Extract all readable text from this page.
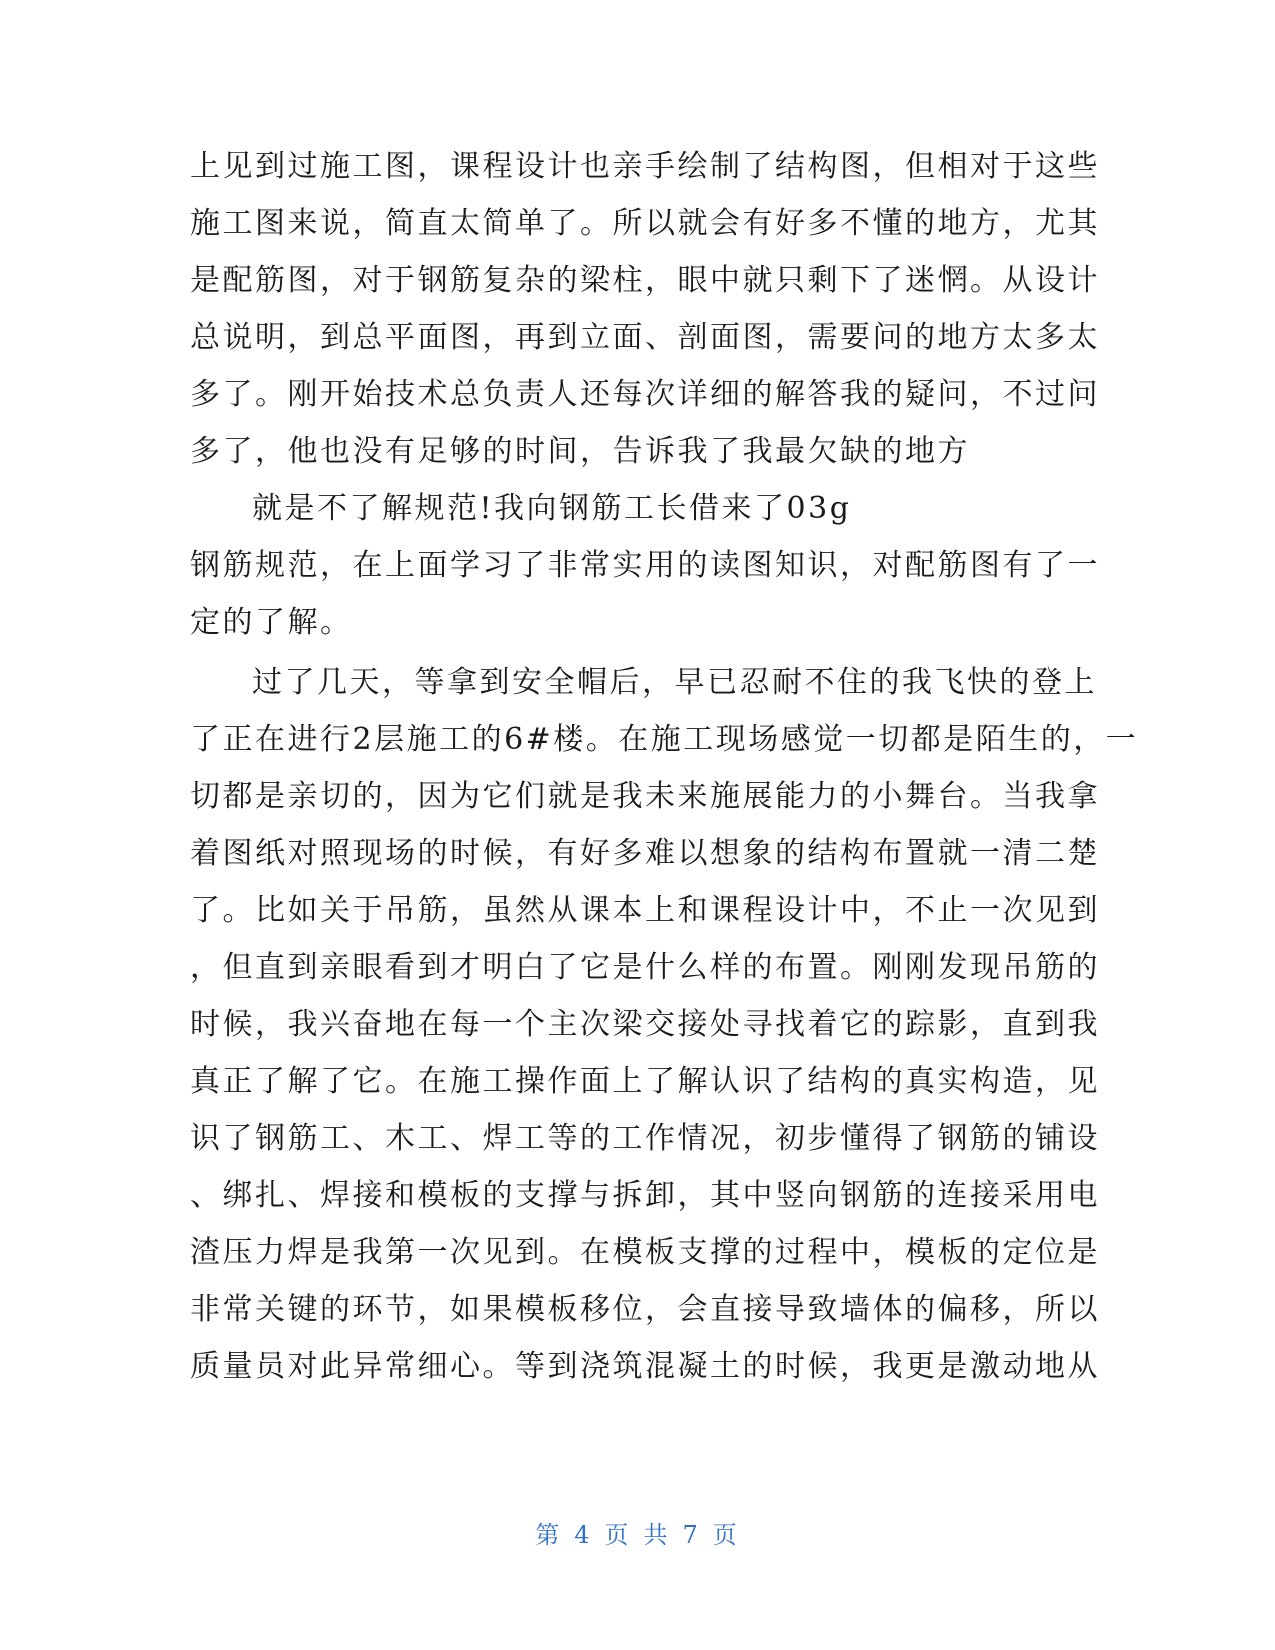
上见到过施工图，课程设计也亲手绘制了结构图，但相对于这些
施工图来说，简直太简单了。所以就会有好多不懂的地方，尤其
是配筋图，对于钢筋复杂的梁柱，眼中就只剩下了迷惘。从设计
总说明，到总平面图，再到立面、剖面图，需要问的地方太多太
多了。刚开始技术总负责人还每次详细的解答我的疑问，不过问
多了，他也没有足够的时间，告诉我了我最欠缺的地方
就是不了解规范!我向钢筋工长借来了03g
钢筋规范，在上面学习了非常实用的读图知识，对配筋图有了一
定的了解。
过了几天，等拿到安全帽后，早已忍耐不住的我飞快的登上
了正在进行2层施工的6#楼。在施工现场感觉一切都是陌生的，一
切都是亲切的，因为它们就是我未来施展能力的小舞台。当我拿
着图纸对照现场的时候，有好多难以想象的结构布置就一清二楚
了。比如关于吊筋，虽然从课本上和课程设计中，不止一次见到
，但直到亲眼看到才明白了它是什么样的布置。刚刚发现吊筋的
时候，我兴奋地在每一个主次梁交接处寻找着它的踪影，直到我
真正了解了它。在施工操作面上了解认识了结构的真实构造，见
识了钢筋工、木工、焊工等的工作情况，初步懂得了钢筋的铺设
、绑扎、焊接和模板的支撑与拆卸，其中竖向钢筋的连接采用电
渣压力焊是我第一次见到。在模板支撑的过程中，模板的定位是
非常关键的环节，如果模板移位，会直接导致墙体的偏移，所以
质量员对此异常细心。等到浇筑混凝土的时候，我更是激动地从
第 4 页 共 7 页
